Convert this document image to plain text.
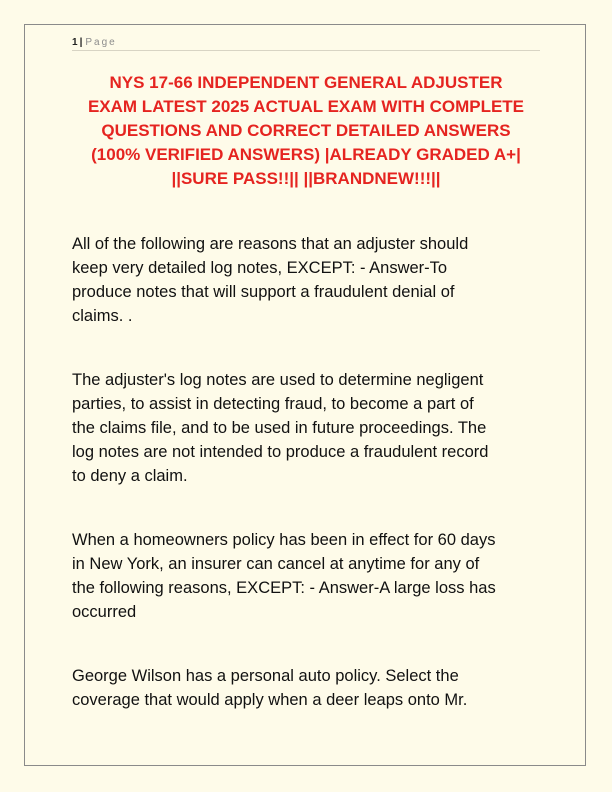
1 | Page
NYS 17-66 INDEPENDENT GENERAL ADJUSTER
EXAM LATEST 2025 ACTUAL EXAM WITH COMPLETE
QUESTIONS AND CORRECT DETAILED ANSWERS
(100% VERIFIED ANSWERS) |ALREADY GRADED A+|
||SURE PASS!!|| ||BRANDNEW!!!||

All of the following are reasons that an adjuster should
keep very detailed log notes, EXCEPT: - Answer-To
produce notes that will support a fraudulent denial of
claims. .

The adjuster's log notes are used to determine negligent
parties, to assist in detecting fraud, to become a part of
the claims file, and to be used in future proceedings. The
log notes are not intended to produce a fraudulent record
to deny a claim.

When a homeowners policy has been in effect for 60 days
in New York, an insurer can cancel at anytime for any of
the following reasons, EXCEPT: - Answer-A large loss has
occurred

George Wilson has a personal auto policy. Select the
coverage that would apply when a deer leaps onto Mr.
